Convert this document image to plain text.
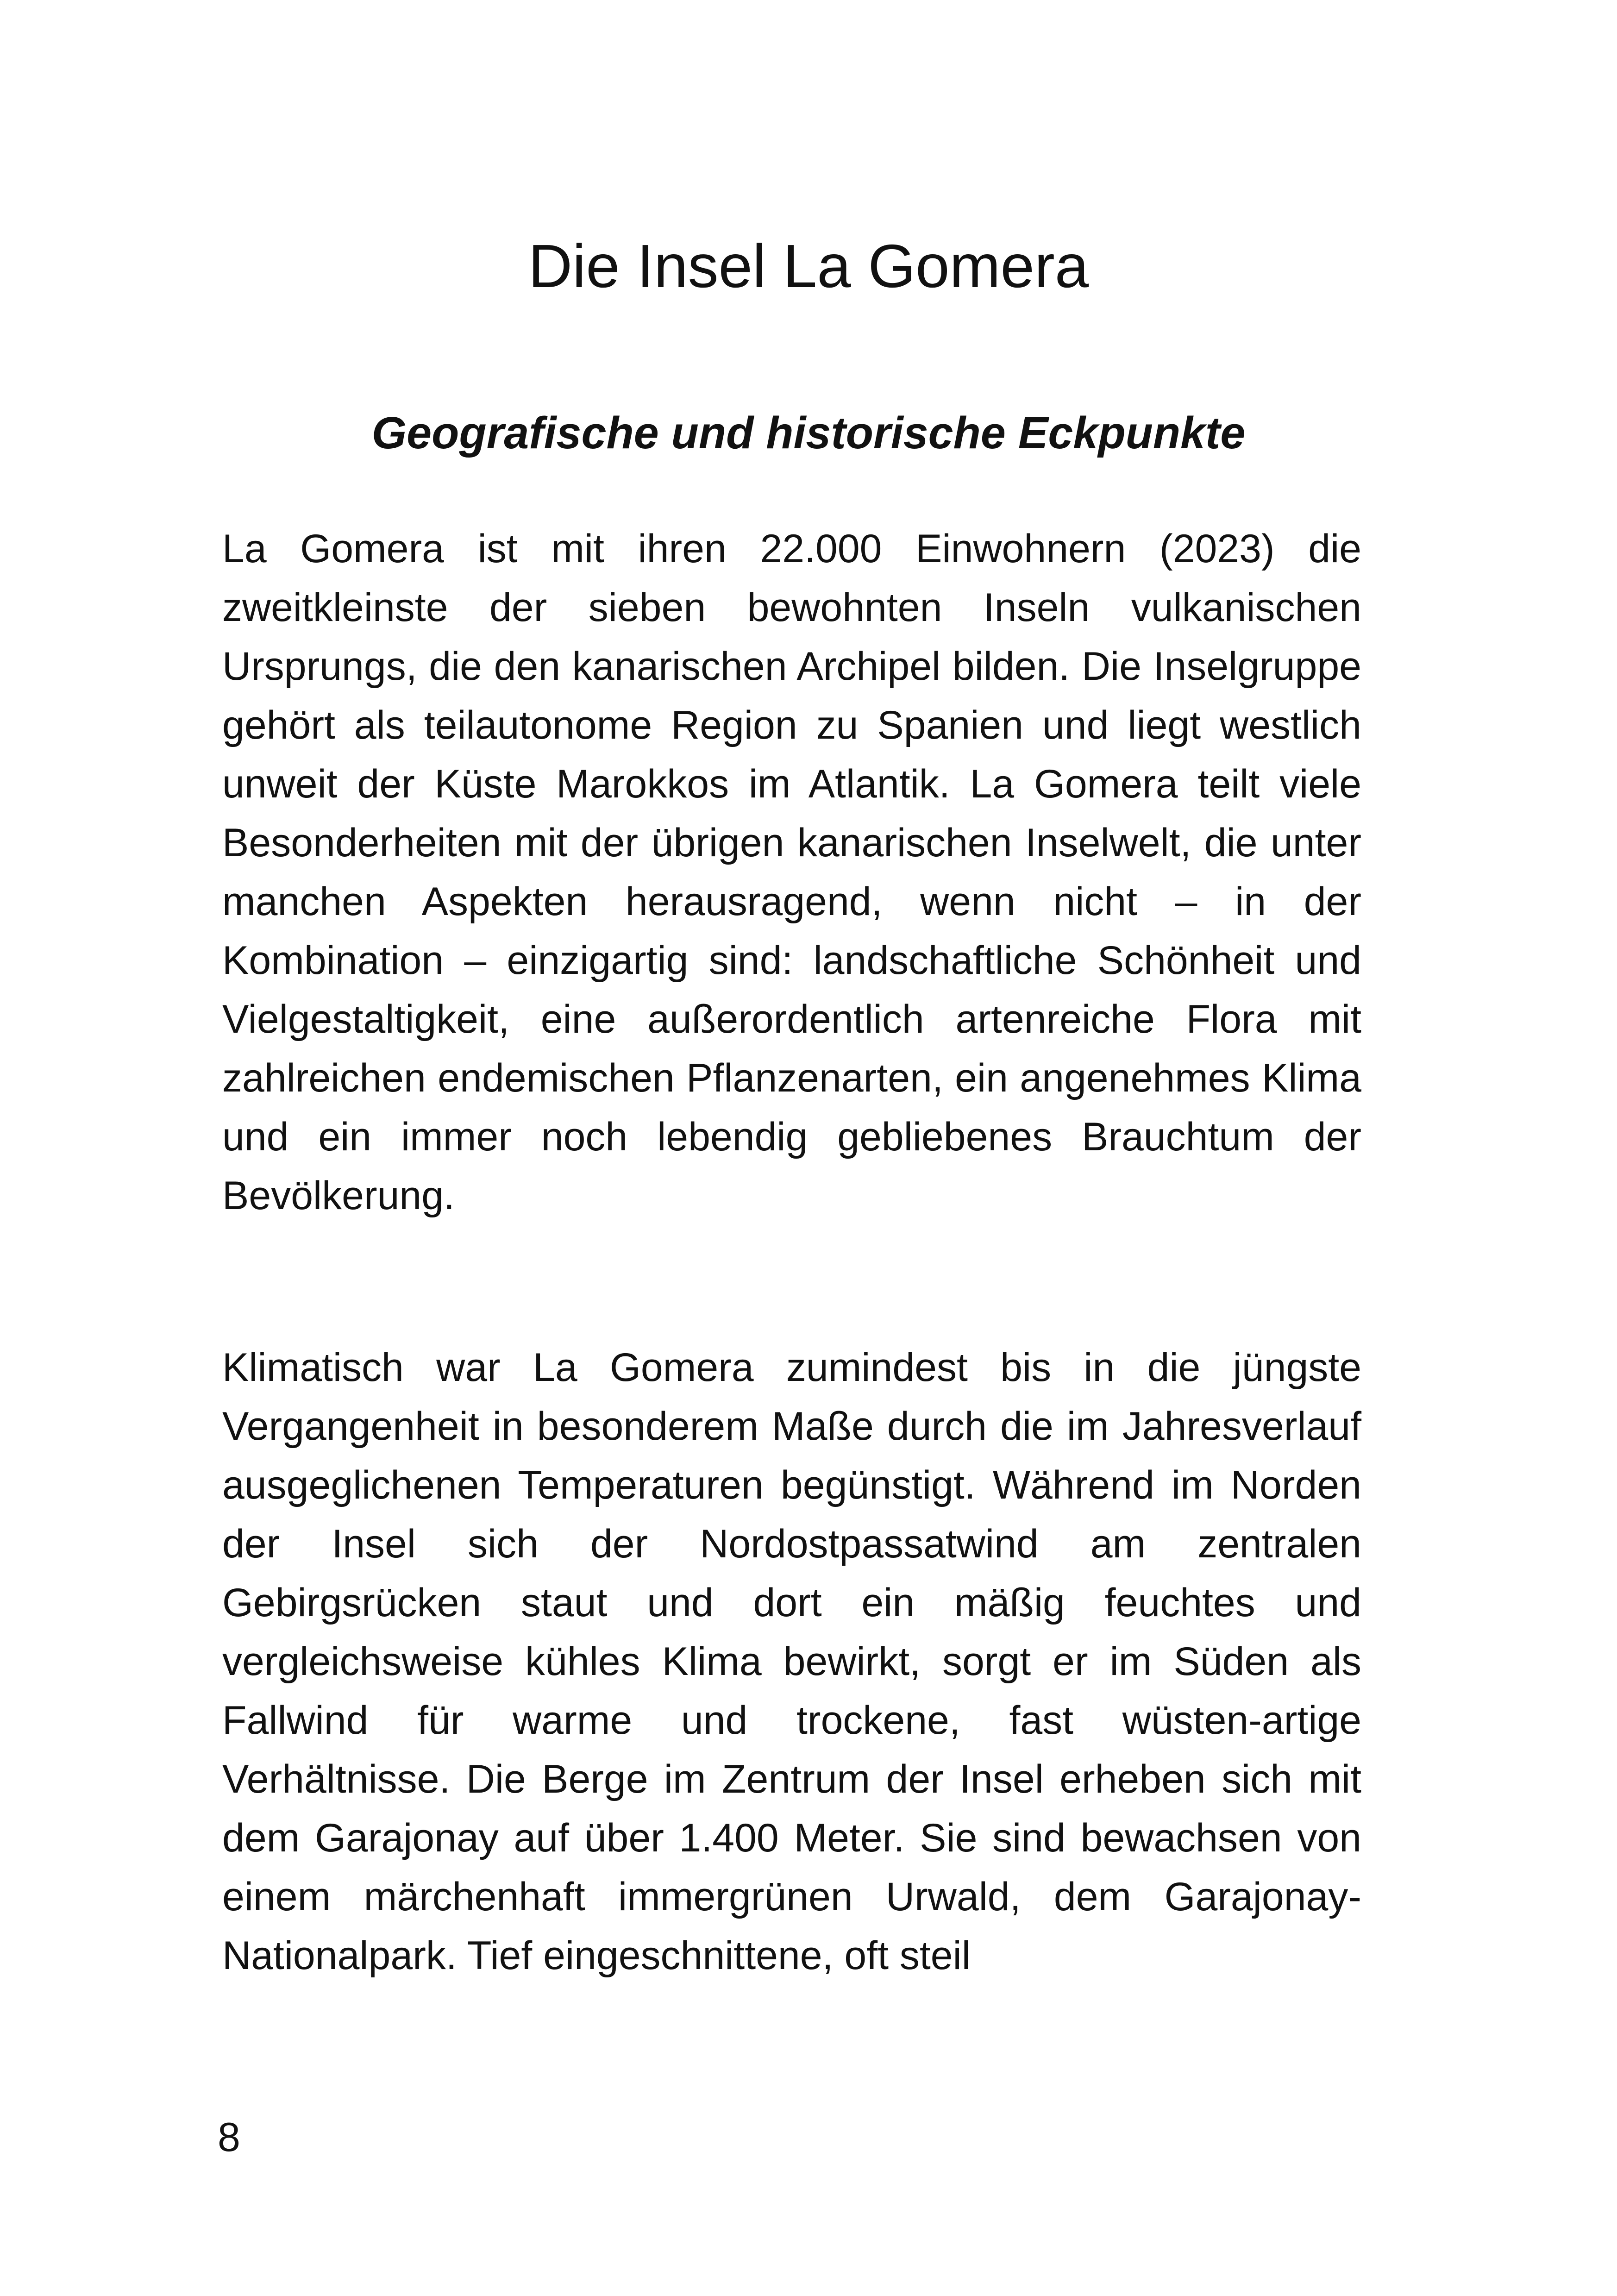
Die Insel La Gomera
Geografische und historische Eckpunkte

La Gomera ist mit ihren 22.000 Einwohnern (2023) die zweitkleinste der sieben bewohnten Inseln vulkanischen Ursprungs, die den kanarischen Archipel bilden. Die Inselgruppe gehört als teilautonome Region zu Spanien und liegt westlich unweit der Küste Marokkos im Atlantik. La Gomera teilt viele Besonderheiten mit der übrigen kanarischen Inselwelt, die unter manchen Aspekten herausragend, wenn nicht – in der Kombination – einzigartig sind: landschaftliche Schönheit und Vielgestaltigkeit, eine außerordentlich artenreiche Flora mit zahlreichen endemischen Pflanzenarten, ein angenehmes Klima und ein immer noch lebendig gebliebenes Brauchtum der Bevölkerung.

Klimatisch war La Gomera zumindest bis in die jüngste Vergangenheit in besonderem Maße durch die im Jahresverlauf ausgeglichenen Temperaturen begünstigt. Während im Norden der Insel sich der Nordostpassatwind am zentralen Gebirgsrücken staut und dort ein mäßig feuchtes und vergleichsweise kühles Klima bewirkt, sorgt er im Süden als Fallwind für warme und trockene, fast wüsten-artige Verhältnisse. Die Berge im Zentrum der Insel erheben sich mit dem Garajonay auf über 1.400 Meter. Sie sind bewachsen von einem märchenhaft immergrünen Urwald, dem Garajonay-Nationalpark. Tief eingeschnittene, oft steil

8
